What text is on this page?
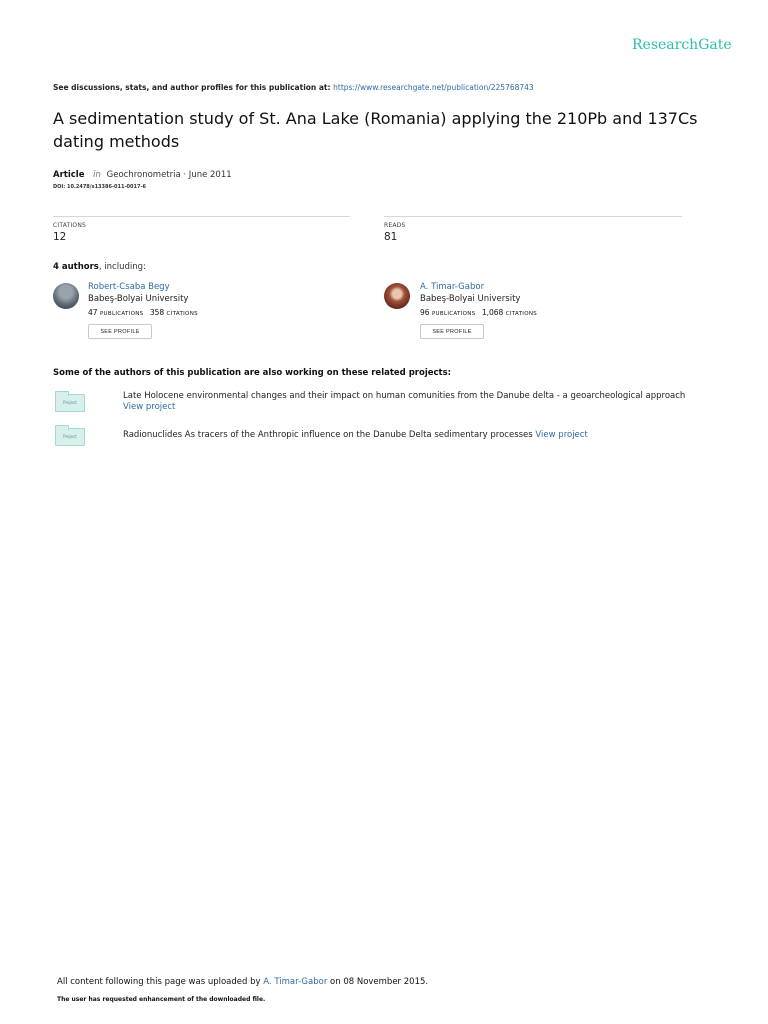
ResearchGate
See discussions, stats, and author profiles for this publication at: https://www.researchgate.net/publication/225768743
A sedimentation study of St. Ana Lake (Romania) applying the 210Pb and 137Cs dating methods
Article in Geochronometria · June 2011
DOI: 10.2478/s13386-011-0017-6
CITATIONS
12
READS
81
4 authors, including:
Robert-Csaba Begy
Babeş-Bolyai University
47 PUBLICATIONS 358 CITATIONS
SEE PROFILE
A. Timar-Gabor
Babeş-Bolyai University
96 PUBLICATIONS 1,068 CITATIONS
SEE PROFILE
Some of the authors of this publication are also working on these related projects:
Project
Late Holocene environmental changes and their impact on human comunities from the Danube delta - a geoarcheological approach
View project
Project	Radionuclides As tracers of the Anthropic influence on the Danube Delta sedimentary processes View project
All content following this page was uploaded by A. Timar-Gabor on 08 November 2015.
The user has requested enhancement of the downloaded file.
